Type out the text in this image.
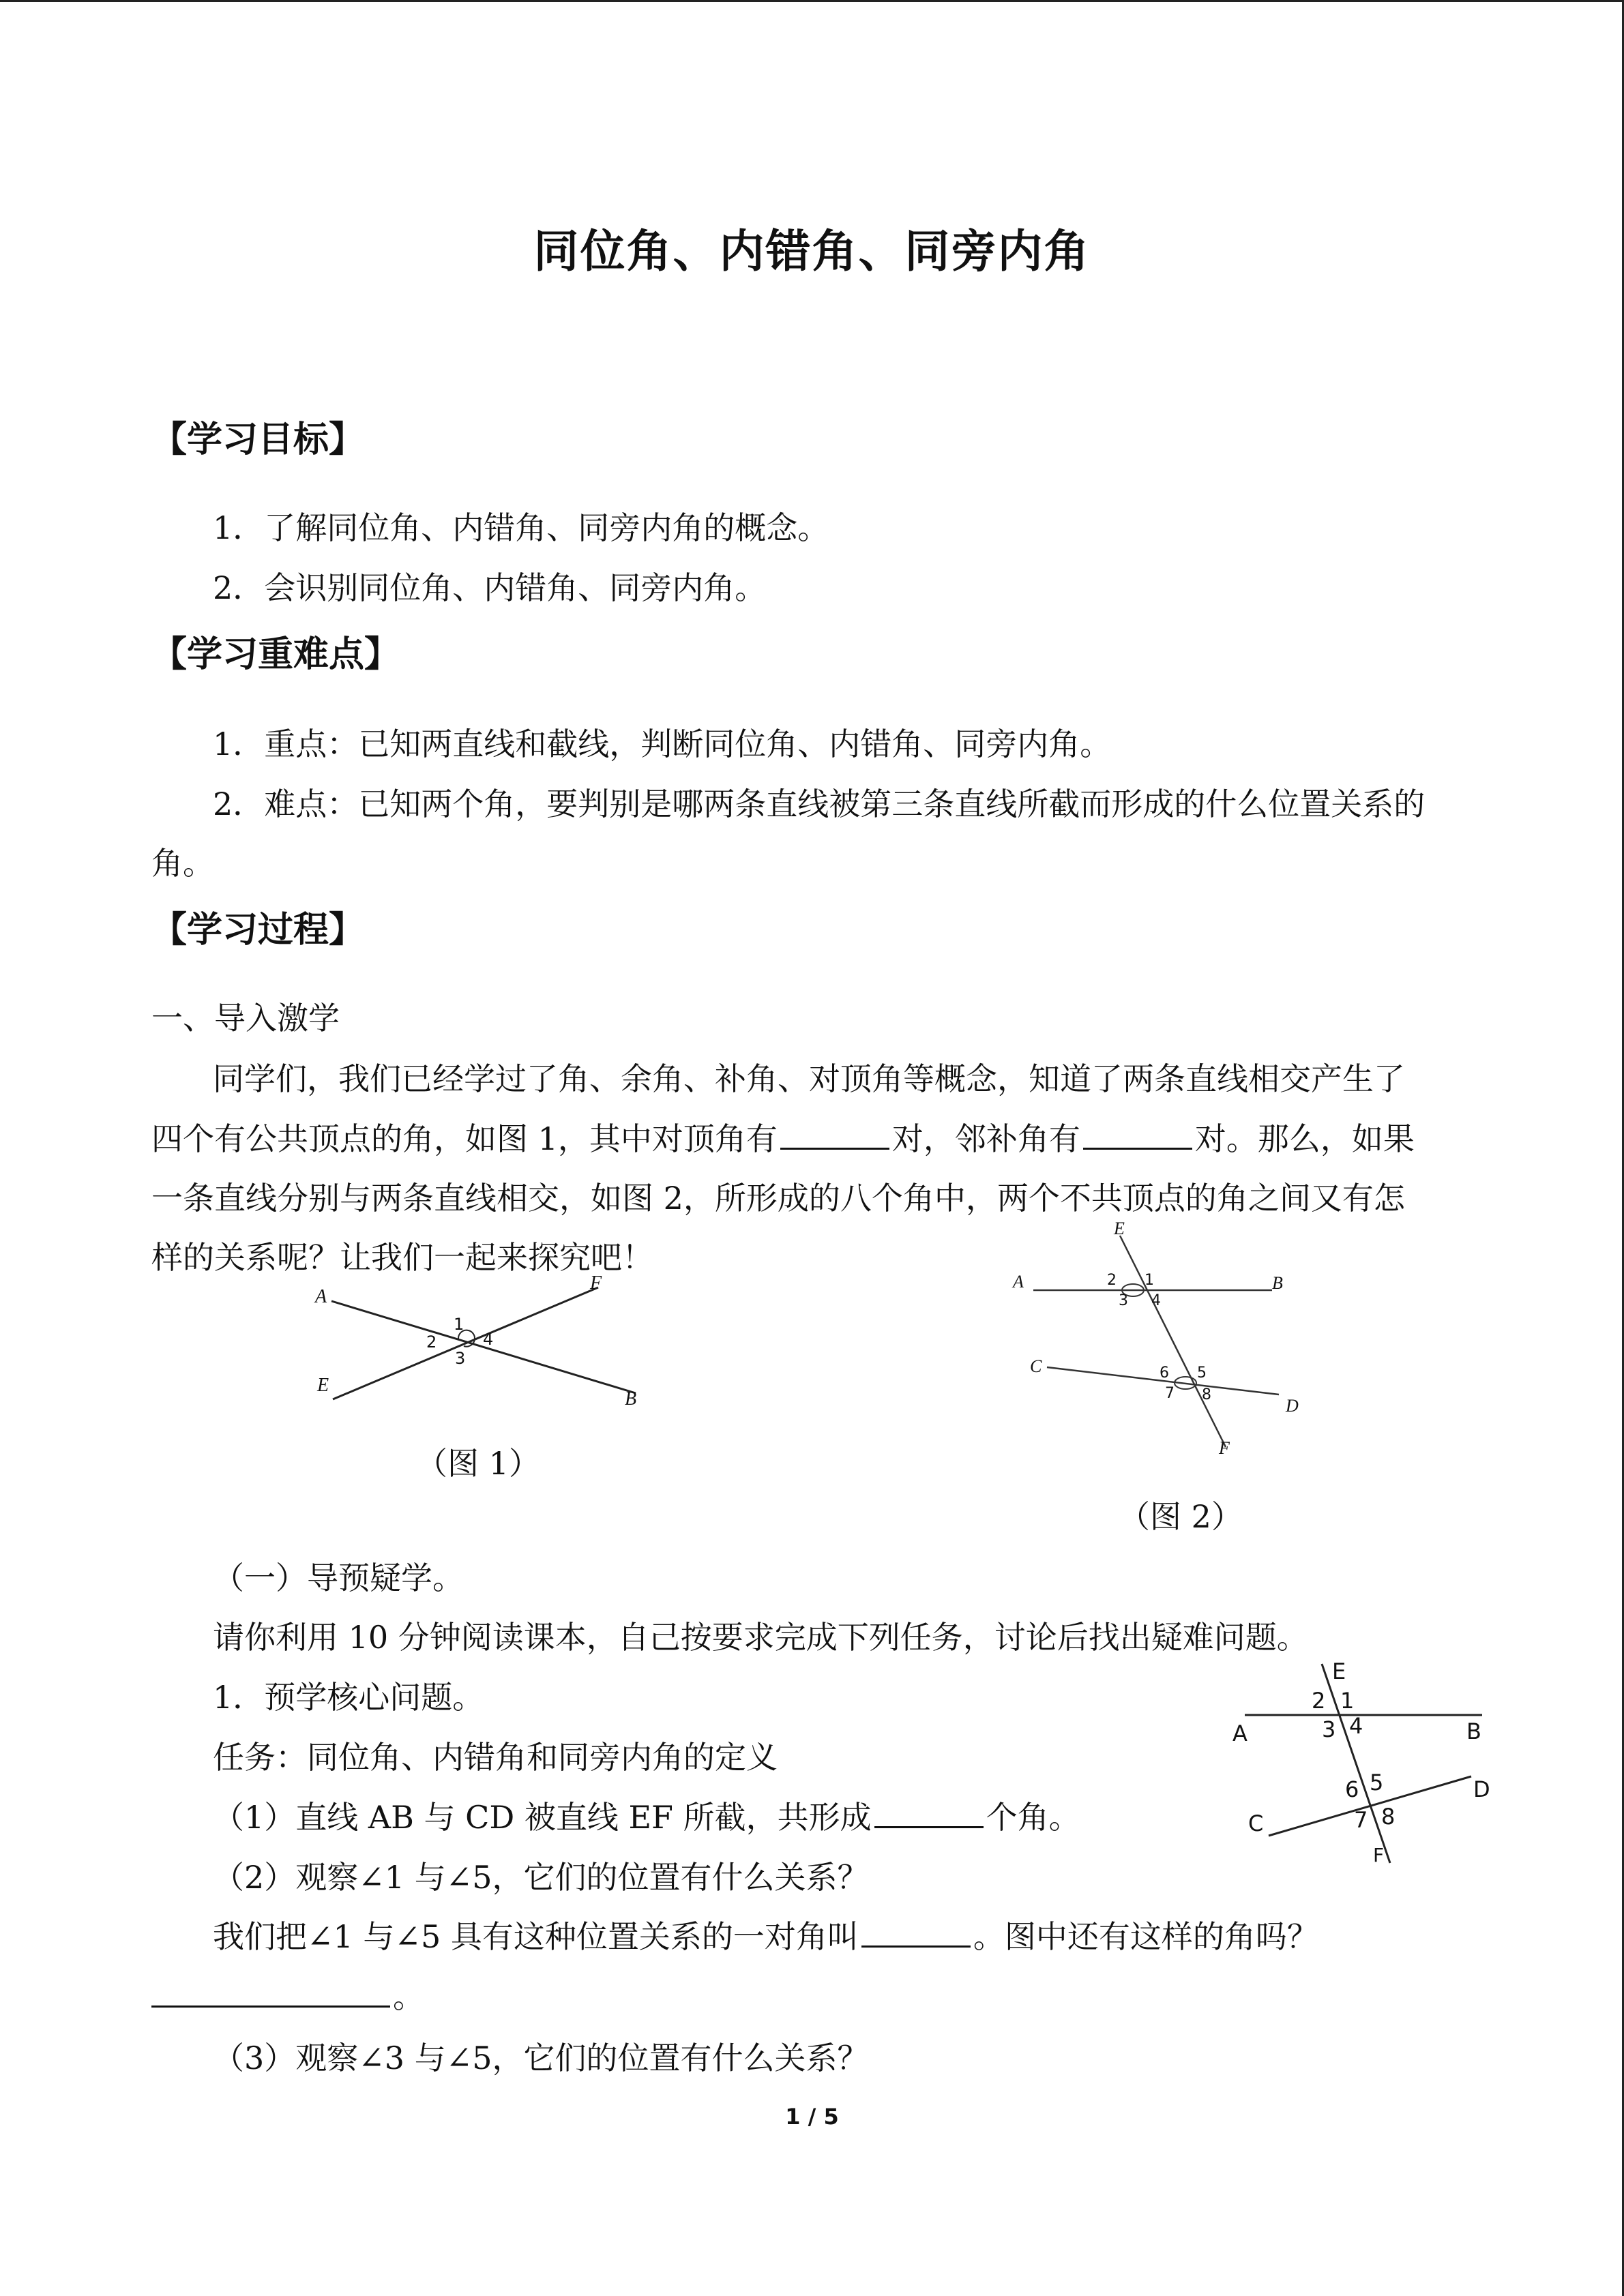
同位角、内错角、同旁内角
【学习目标】
1．了解同位角、内错角、同旁内角的概念。
2．会识别同位角、内错角、同旁内角。
【学习重难点】
1．重点：已知两直线和截线，判断同位角、内错角、同旁内角。
2．难点：已知两个角，要判别是哪两条直线被第三条直线所截而形成的什么位置关系的
角。
【学习过程】
一、导入激学
同学们，我们已经学过了角、余角、补角、对顶角等概念，知道了两条直线相交产生了
四个有公共顶点的角，如图 1，其中对顶角有	对，邻补角有	对。那么，如果
一条直线分别与两条直线相交，如图 2，所形成的八个角中，两个不共顶点的角之间又有怎
样的关系呢？让我们一起来探究吧！
A
F
1
2	4
3
E
B
（图 1）
E
A	2 1
3 4
B
C	6 5
7 8
D
F
（图 2）
（一）导预疑学。
请你利用 10 分钟阅读课本，自己按要求完成下列任务，讨论后找出疑难问题。
1．预学核心问题。
任务：同位角、内错角和同旁内角的定义
（1）直线 AB 与 CD 被直线 EF 所截，共形成	个角。
（2）观察∠1 与∠5，它们的位置有什么关系？
我们把∠1 与∠5 具有这种位置关系的一对角叫	。图中还有这样的角吗？
。
（3）观察∠3 与∠5，它们的位置有什么关系？
E
2 1
A	3 4	B
6 5	D
C	7 8
F
1 / 5
